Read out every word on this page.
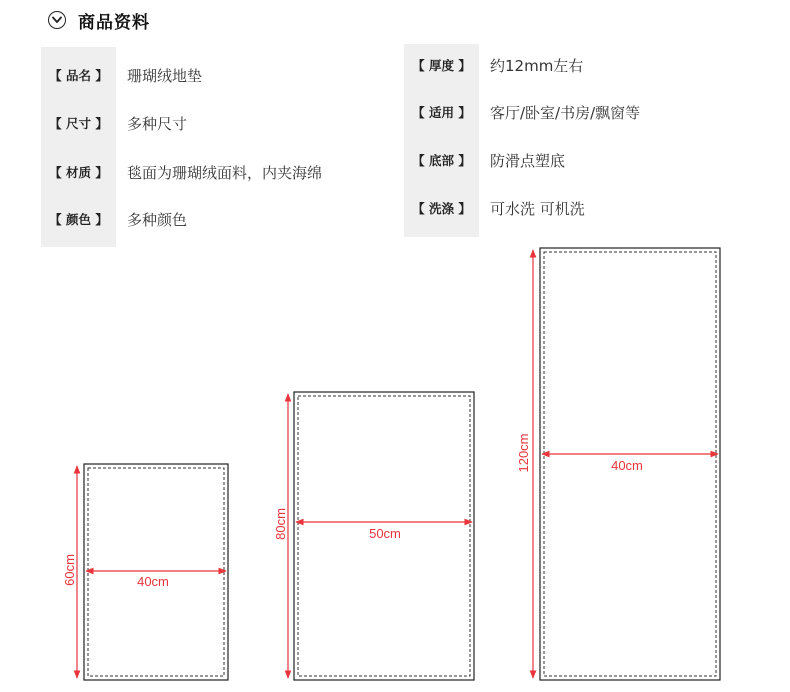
商品资料
【 品名 】	珊瑚绒地垫
【 尺寸 】	多种尺寸
【 材质 】	毯面为珊瑚绒面料，内夹海绵
【 颜色 】	多种颜色
【 厚度 】	约12mm左右
【 适用 】	客厅/卧室/书房/飘窗等
【 底部 】	防滑点塑底
【 洗涤 】	可水洗 可机洗
40cm
60cm
50cm
80cm
40cm
120cm
